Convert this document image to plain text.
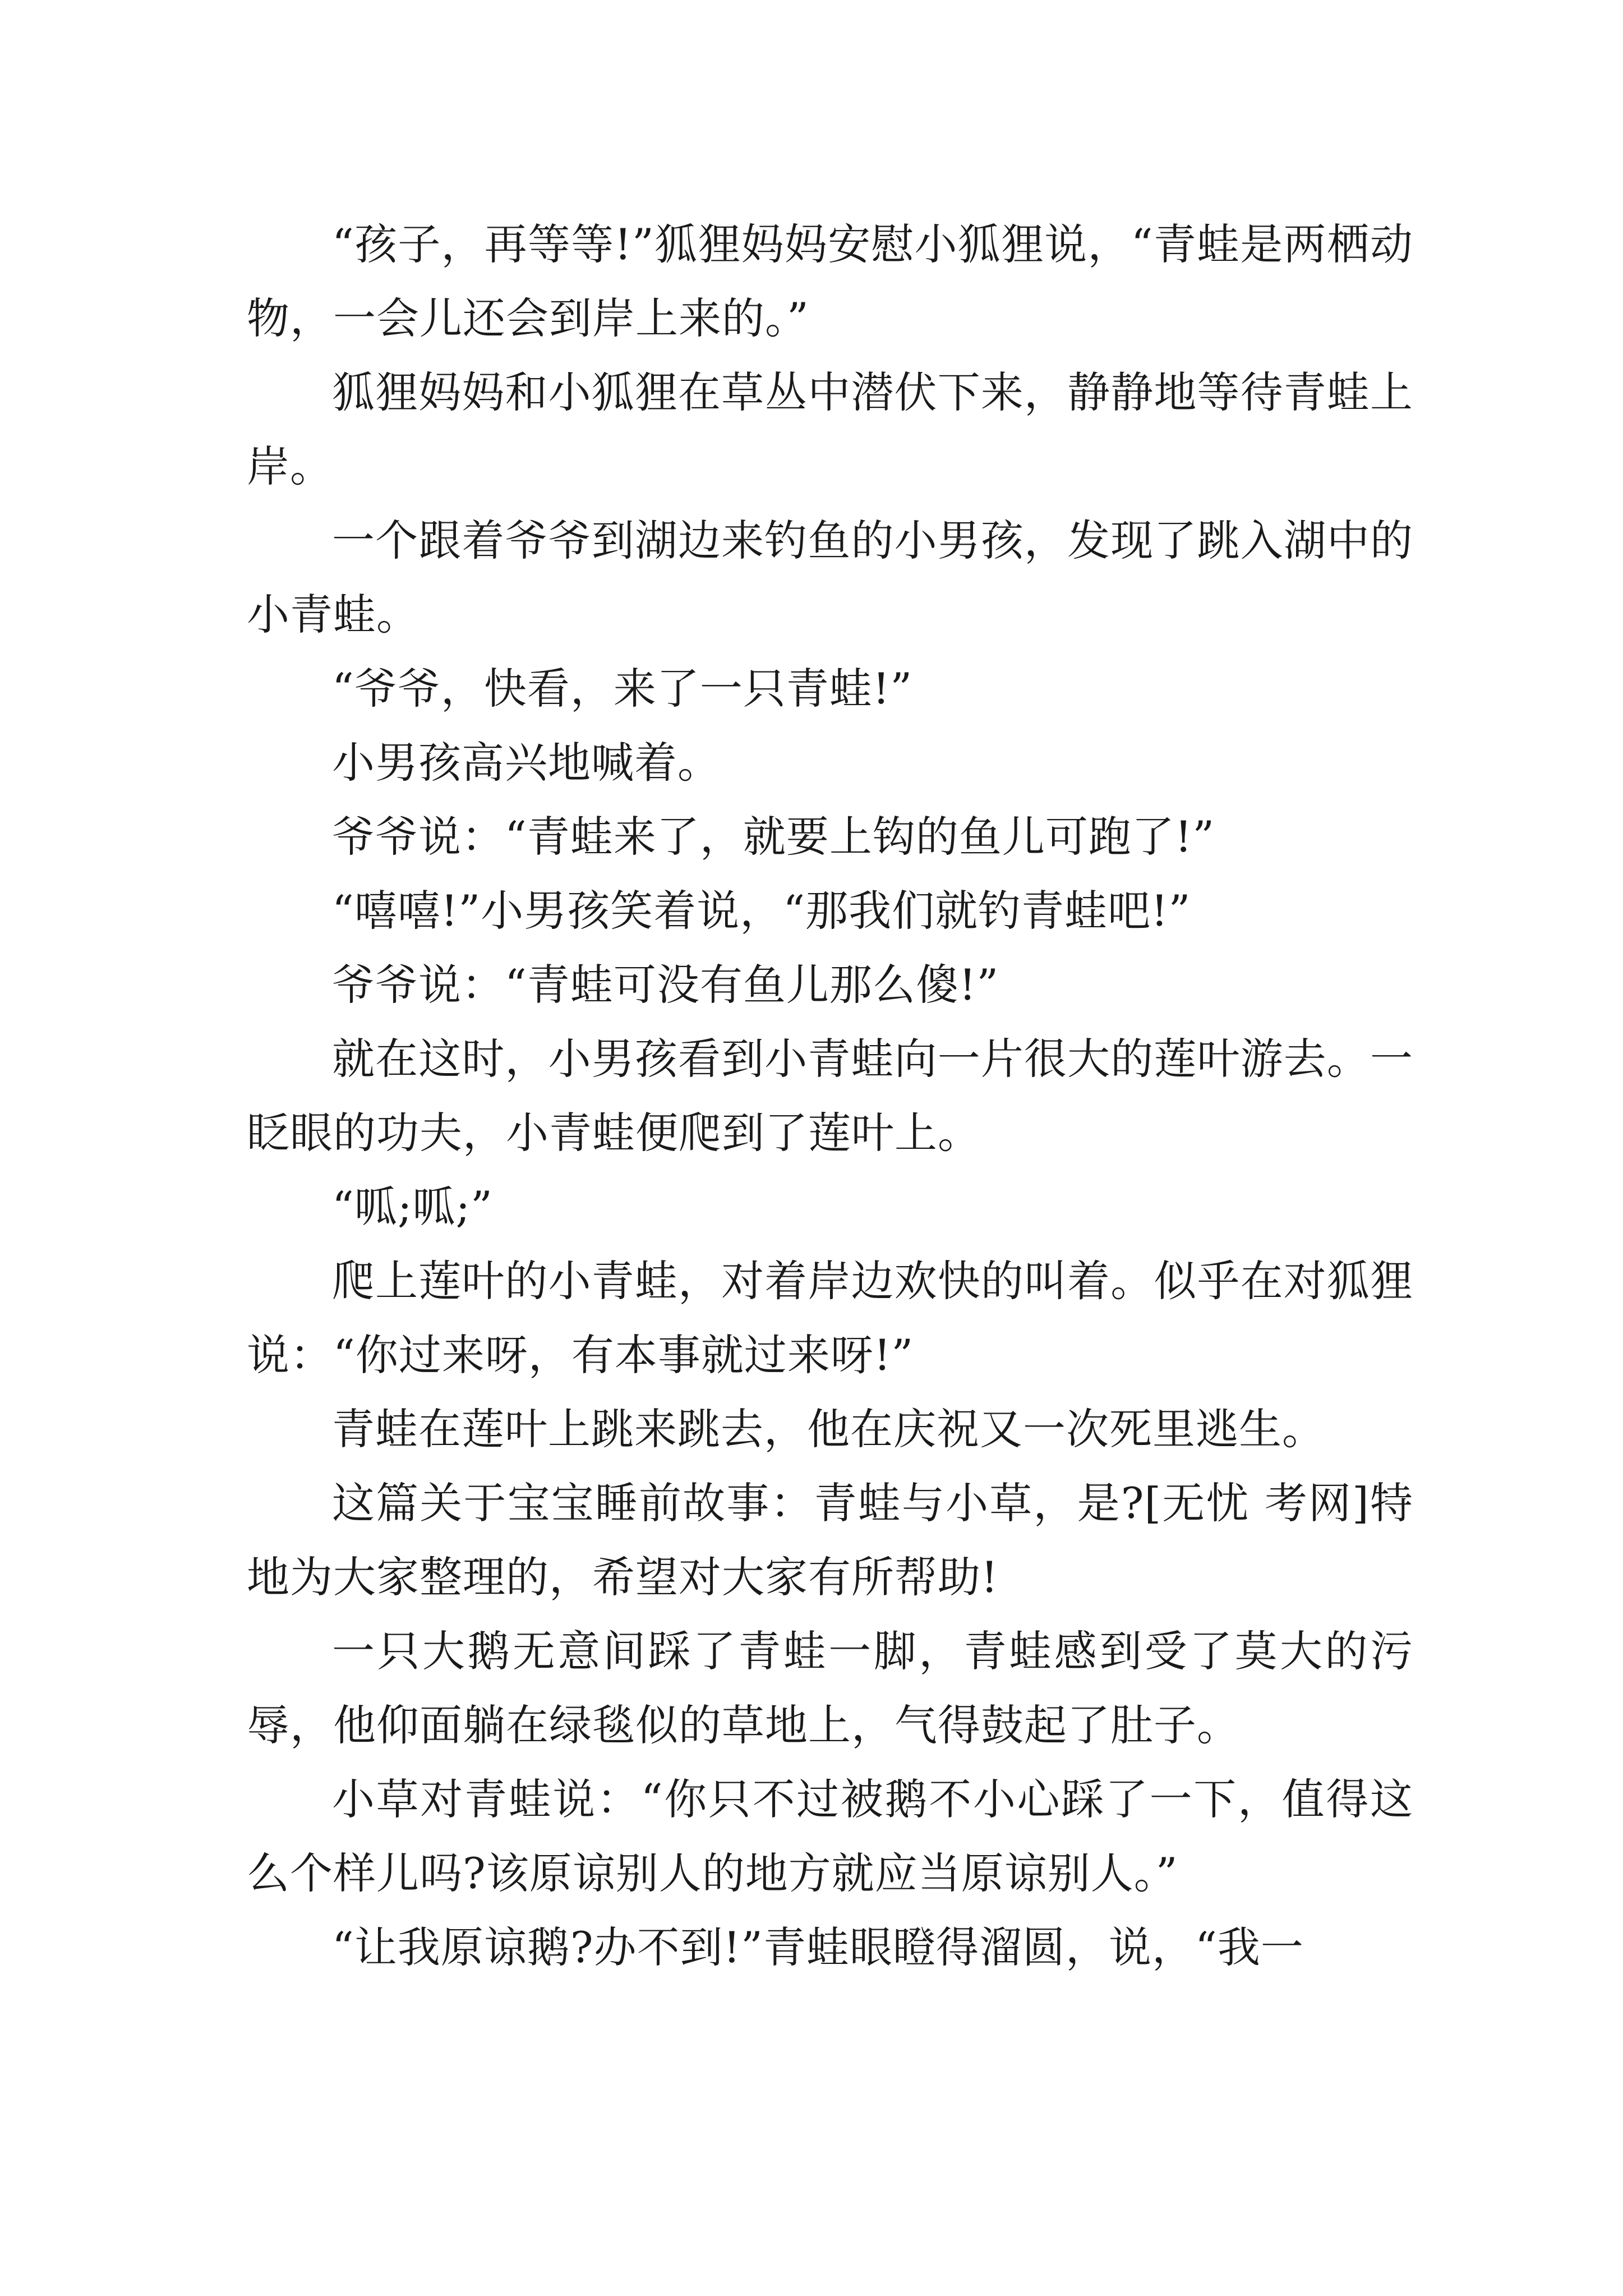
“孩子，再等等!”狐狸妈妈安慰小狐狸说，“青蛙是两栖动物，一会儿还会到岸上来的。”

狐狸妈妈和小狐狸在草丛中潜伏下来，静静地等待青蛙上岸。

一个跟着爷爷到湖边来钓鱼的小男孩，发现了跳入湖中的小青蛙。

“爷爷，快看，来了一只青蛙!”

小男孩高兴地喊着。

爷爷说：“青蛙来了，就要上钩的鱼儿可跑了!”

“嘻嘻!”小男孩笑着说，“那我们就钓青蛙吧!”

爷爷说：“青蛙可没有鱼儿那么傻!”

就在这时，小男孩看到小青蛙向一片很大的莲叶游去。一眨眼的功夫，小青蛙便爬到了莲叶上。

“呱;呱;”

爬上莲叶的小青蛙，对着岸边欢快的叫着。似乎在对狐狸说：“你过来呀，有本事就过来呀!”

青蛙在莲叶上跳来跳去，他在庆祝又一次死里逃生。

这篇关于宝宝睡前故事：青蛙与小草，是?[无忧 考网]特地为大家整理的，希望对大家有所帮助!

一只大鹅无意间踩了青蛙一脚，青蛙感到受了莫大的污辱，他仰面躺在绿毯似的草地上，气得鼓起了肚子。

小草对青蛙说：“你只不过被鹅不小心踩了一下，值得这么个样儿吗?该原谅别人的地方就应当原谅别人。”

“让我原谅鹅?办不到!”青蛙眼瞪得溜圆，说，“我一
